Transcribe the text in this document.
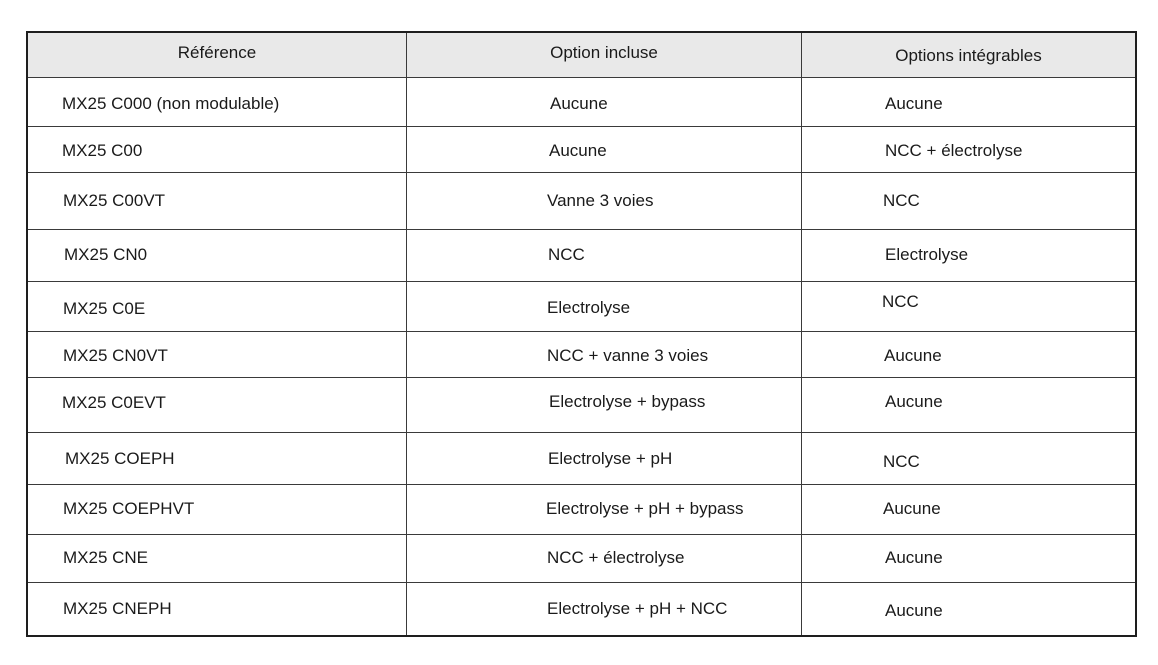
Référence	Option incluse	Options intégrables
MX25 C000 (non modulable)	Aucune	Aucune
MX25 C00	Aucune	NCC + électrolyse
MX25 C00VT	Vanne 3 voies	NCC
MX25 CN0	NCC	Electrolyse
MX25 C0E	Electrolyse	NCC
MX25 CN0VT	NCC + vanne 3 voies	Aucune
MX25 C0EVT	Electrolyse + bypass	Aucune
MX25 COEPH	Electrolyse + pH	NCC
MX25 COEPHVT	Electrolyse + pH + bypass	Aucune
MX25 CNE	NCC + électrolyse	Aucune
MX25 CNEPH	Electrolyse + pH + NCC	Aucune
